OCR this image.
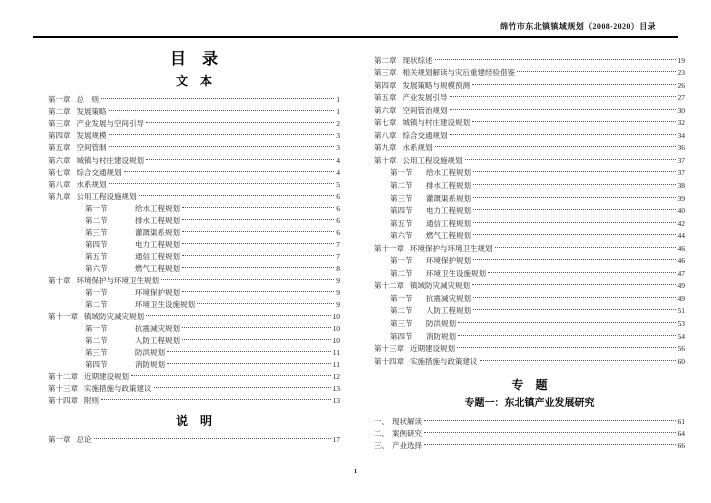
绵竹市东北镇镇域规划（2008-2020）目录
目　录
文　本
第一章 总　则	1
第二章 发展策略	1
第三章 产业发展与空间引导	2
第四章 发展规模	3
第五章 空间管制	3
第六章 城镇与村庄建设规划	4
第七章 综合交通规划	4
第八章 水系规划	5
第九章 公用工程设施规划	6
第一节	给水工程规划	6
第二节	排水工程规划	6
第三节	灌溉渠系规划	6
第四节	电力工程规划	7
第五节	通信工程规划	7
第六节	燃气工程规划	8
第十章 环境保护与环境卫生规划	9
第一节	环境保护规划	9
第二节	环境卫生设施规划	9
第十一章 镇域防灾减灾规划	10
第一节	抗震减灾规划	10
第二节	人防工程规划	10
第三节	防洪规划	11
第四节	消防规划	11
第十二章 近期建设规划	12
第十三章 实施措施与政策建议	13
第十四章 附则	13
说　明
第一章 总论	17
第二章 现状综述	19
第三章 相关规划解读与灾后重建经验借鉴	23
第四章 发展策略与规模预测	26
第五章 产业发展引导	27
第六章 空间管治规划	30
第七章 城镇与村庄建设规划	32
第八章 综合交通规划	34
第九章 水系规划	36
第十章 公用工程设施规划	37
第一节	给水工程规划	37
第二节	排水工程规划	38
第三节	灌溉渠系规划	39
第四节	电力工程规划	40
第五节	通信工程规划	42
第六节	燃气工程规划	44
第十一章 环境保护与环境卫生规划	46
第一节	环境保护规划	46
第二节	环境卫生设施规划	47
第十二章 镇域防灾减灾规划	49
第一节	抗震减灾规划	49
第二节	人防工程规划	51
第三节	防洪规划	53
第四节	消防规划	54
第十三章 近期建设规划	56
第十四章 实施措施与政策建议	60
专　题
专题一：东北镇产业发展研究
一、 现状解读	61
二、 案例研究	64
三、 产业选择	66
1
